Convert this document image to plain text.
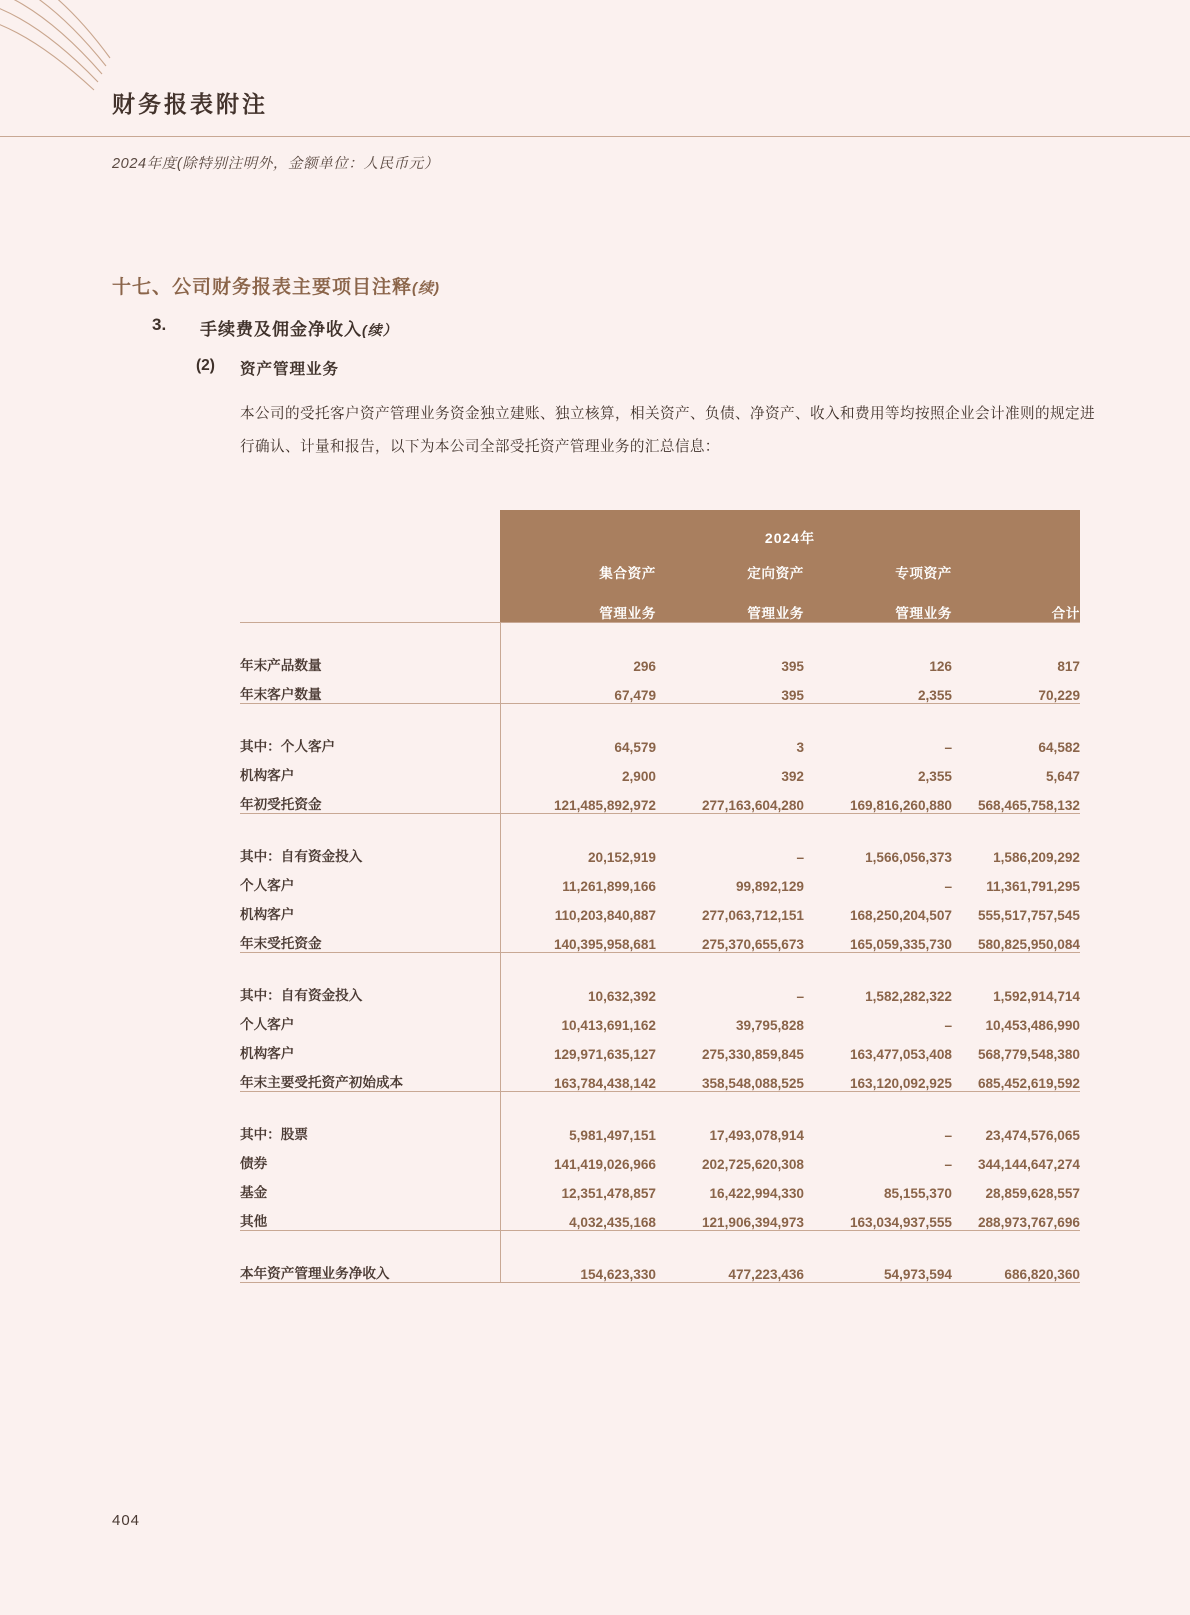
财务报表附注
2024年度(除特别注明外，金额单位：人民币元）
十七、公司财务报表主要项目注释(续)
3. 手续费及佣金净收入(续）
(2) 资产管理业务
本公司的受托客户资产管理业务资金独立建账、独立核算，相关资产、负债、净资产、收入和费用等均按照企业会计准则的规定进行确认、计量和报告，以下为本公司全部受托资产管理业务的汇总信息：
	2024年			
	集合资产	定向资产	专项资产	
	管理业务	管理业务	管理业务	合计

年末产品数量	296	395	126	817
年末客户数量	67,479	395	2,355	70,229

其中：个人客户	64,579	3	–	64,582
机构客户	2,900	392	2,355	5,647
年初受托资金	121,485,892,972	277,163,604,280	169,816,260,880	568,465,758,132

其中：自有资金投入	20,152,919	–	1,566,056,373	1,586,209,292
个人客户	11,261,899,166	99,892,129	–	11,361,791,295
机构客户	110,203,840,887	277,063,712,151	168,250,204,507	555,517,757,545
年末受托资金	140,395,958,681	275,370,655,673	165,059,335,730	580,825,950,084

其中：自有资金投入	10,632,392	–	1,582,282,322	1,592,914,714
个人客户	10,413,691,162	39,795,828	–	10,453,486,990
机构客户	129,971,635,127	275,330,859,845	163,477,053,408	568,779,548,380
年末主要受托资产初始成本	163,784,438,142	358,548,088,525	163,120,092,925	685,452,619,592

其中：股票	5,981,497,151	17,493,078,914	–	23,474,576,065
债券	141,419,026,966	202,725,620,308	–	344,144,647,274
基金	12,351,478,857	16,422,994,330	85,155,370	28,859,628,557
其他	4,032,435,168	121,906,394,973	163,034,937,555	288,973,767,696

本年资产管理业务净收入	154,623,330	477,223,436	54,973,594	686,820,360
404
